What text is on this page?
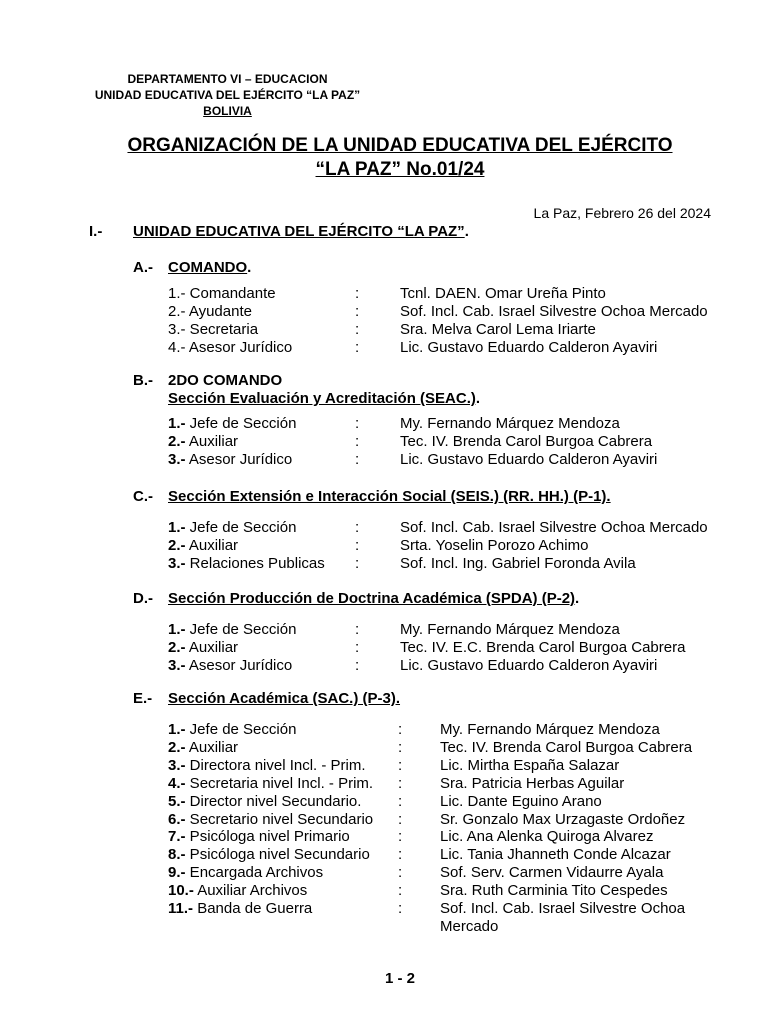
DEPARTAMENTO VI – EDUCACION
UNIDAD EDUCATIVA DEL EJÉRCITO “LA PAZ”
BOLIVIA
ORGANIZACIÓN DE LA UNIDAD EDUCATIVA DEL EJÉRCITO
“LA PAZ” No.01/24
La Paz, Febrero 26 del 2024
I.- UNIDAD EDUCATIVA DEL EJÉRCITO “LA PAZ”.
A.- COMANDO.
1.- Comandante	:	Tcnl. DAEN. Omar Ureña Pinto
2.- Ayudante	:	Sof. Incl. Cab. Israel Silvestre Ochoa Mercado
3.- Secretaria	:	Sra. Melva Carol Lema Iriarte
4.- Asesor Jurídico	:	Lic. Gustavo Eduardo Calderon Ayaviri
B.- 2DO COMANDO
Sección Evaluación y Acreditación (SEAC.).
1.- Jefe de Sección	:	My. Fernando Márquez Mendoza
2.- Auxiliar	:	Tec. IV. Brenda Carol Burgoa Cabrera
3.- Asesor Jurídico	:	Lic. Gustavo Eduardo Calderon Ayaviri
C.- Sección Extensión e Interacción Social (SEIS.) (RR. HH.) (P-1).
1.- Jefe de Sección	:	Sof. Incl. Cab. Israel Silvestre Ochoa Mercado
2.- Auxiliar	:	Srta. Yoselin Porozo Achimo
3.- Relaciones Publicas :	Sof. Incl. Ing. Gabriel Foronda Avila
D.- Sección Producción de Doctrina Académica (SPDA) (P-2).
1.- Jefe de Sección	:	My. Fernando Márquez Mendoza
2.- Auxiliar	:	Tec. IV. E.C. Brenda Carol Burgoa Cabrera
3.- Asesor Jurídico	:	Lic. Gustavo Eduardo Calderon Ayaviri
E.- Sección Académica (SAC.) (P-3).
1.- Jefe de Sección	:	My. Fernando Márquez Mendoza
2.- Auxiliar	:	Tec. IV. Brenda Carol Burgoa Cabrera
3.- Directora nivel Incl. - Prim. :	Lic. Mirtha España Salazar
4.- Secretaria nivel Incl. - Prim. :	Sra. Patricia Herbas Aguilar
5.- Director nivel Secundario. :	Lic. Dante Eguino Arano
6.- Secretario nivel Secundario :	Sr. Gonzalo Max Urzagaste Ordoñez
7.- Psicóloga nivel Primario	:	Lic. Ana Alenka Quiroga Alvarez
8.- Psicóloga nivel Secundario :	Lic. Tania Jhanneth Conde Alcazar
9.- Encargada Archivos	:	Sof. Serv. Carmen Vidaurre Ayala
10.- Auxiliar Archivos	:	Sra. Ruth Carminia Tito Cespedes
11.- Banda de Guerra	:	Sof. Incl. Cab. Israel Silvestre Ochoa Mercado
1 - 2
